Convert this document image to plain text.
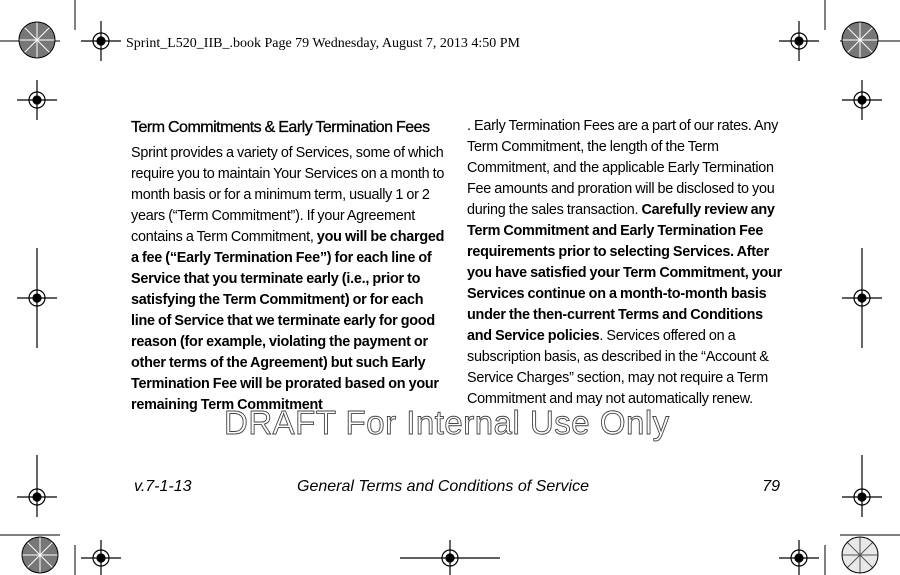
Sprint_L520_IIB_.book Page 79 Wednesday, August 7, 2013 4:50 PM
Term Commitments & Early Termination Fees

Sprint provides a variety of Services, some of which require you to maintain Your Services on a month to month basis or for a minimum term, usually 1 or 2 years (“Term Commitment”). If your Agreement contains a Term Commitment, you will be charged a fee (“Early Termination Fee”) for each line of Service that you terminate early (i.e., prior to satisfying the Term Commitment) or for each line of Service that we terminate early for good reason (for example, violating the payment or other terms of the Agreement) but such Early Termination Fee will be prorated based on your remaining Term Commitment

. Early Termination Fees are a part of our rates. Any Term Commitment, the length of the Term Commitment, and the applicable Early Termination Fee amounts and proration will be disclosed to you during the sales transaction. Carefully review any Term Commitment and Early Termination Fee requirements prior to selecting Services. After you have satisfied your Term Commitment, your Services continue on a month-to-month basis under the then-current Terms and Conditions and Service policies. Services offered on a subscription basis, as described in the “Account & Service Charges” section, may not require a Term Commitment and may not automatically renew.

DRAFT For Internal Use Only
v.7-1-13	General Terms and Conditions of Service	79
